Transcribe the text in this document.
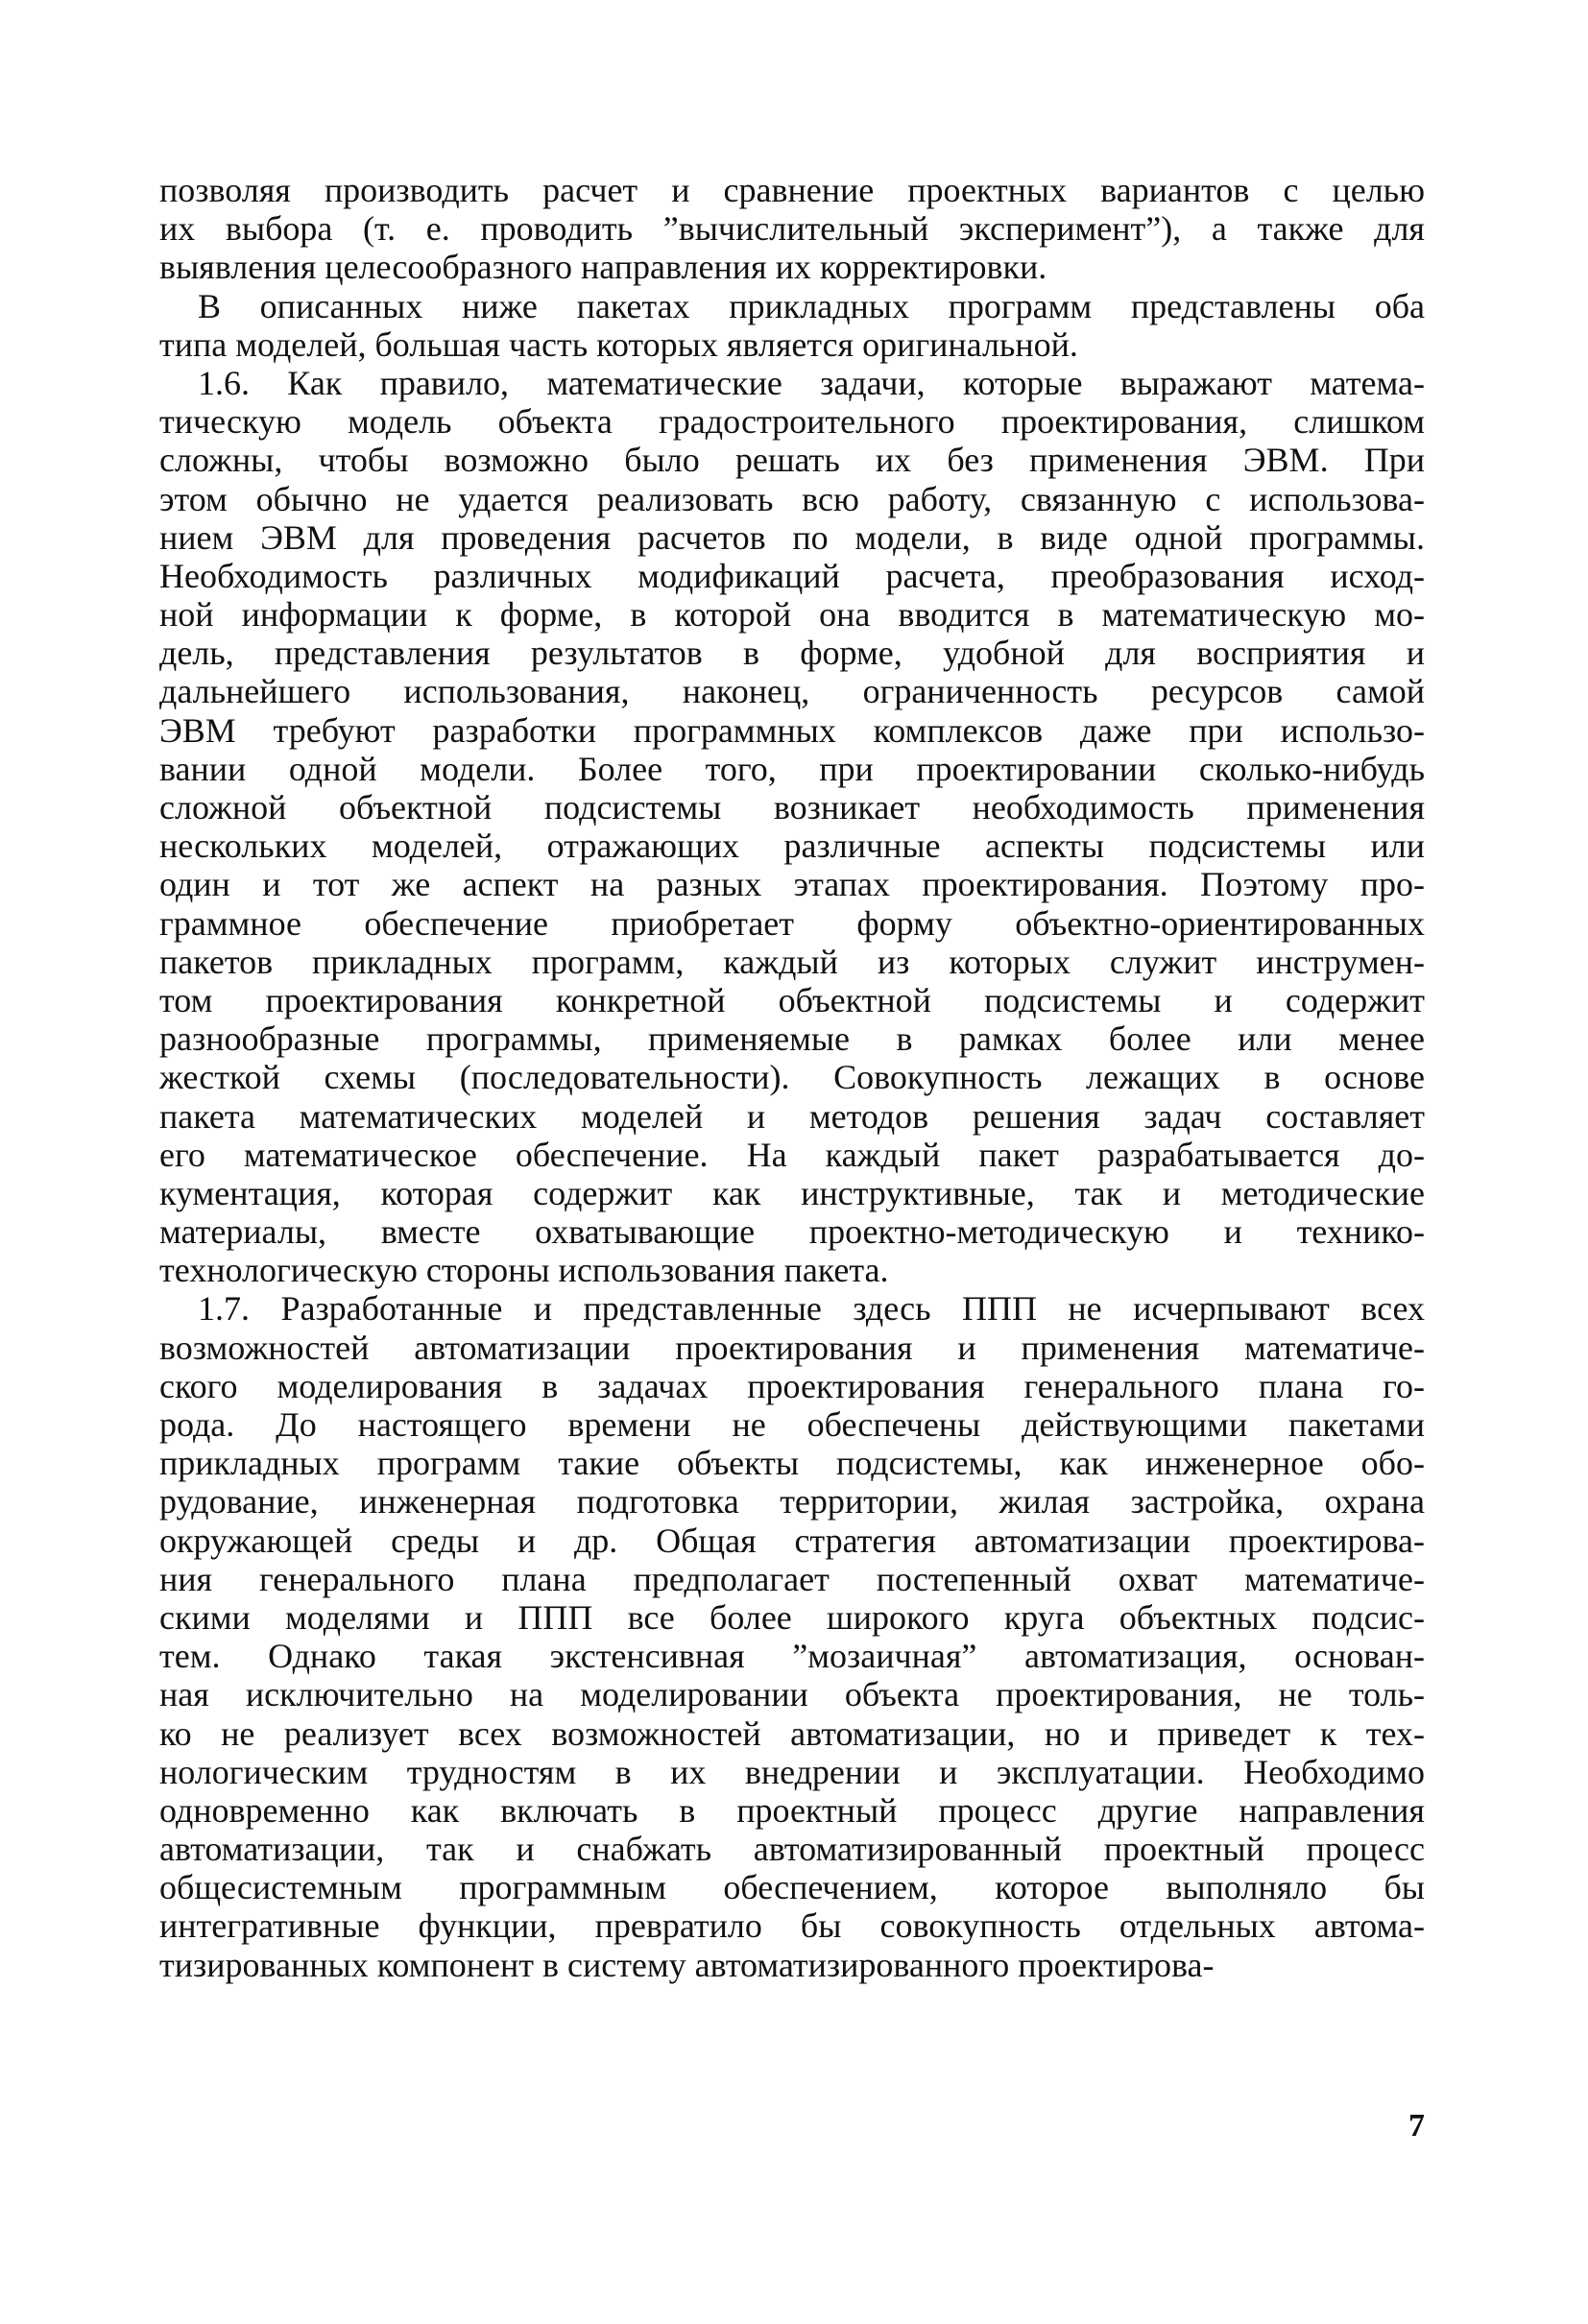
позволяя производить расчет и сравнение проектных вариантов с целью
их выбора (т. е. проводить ”вычислительный эксперимент”), а также для
выявления целесообразного направления их корректировки.
В описанных ниже пакетах прикладных программ представлены оба
типа моделей, большая часть которых является оригинальной.
1.6. Как правило, математические задачи, которые выражают матема-
тическую модель объекта градостроительного проектирования, слишком
сложны, чтобы возможно было решать их без применения ЭВМ. При
этом обычно не удается реализовать всю работу, связанную с использова-
нием ЭВМ для проведения расчетов по модели, в виде одной программы.
Необходимость различных модификаций расчета, преобразования исход-
ной информации к форме, в которой она вводится в математическую мо-
дель, представления результатов в форме, удобной для восприятия и
дальнейшего использования, наконец, ограниченность ресурсов самой
ЭВМ требуют разработки программных комплексов даже при использо-
вании одной модели. Более того, при проектировании сколько-нибудь
сложной объектной подсистемы возникает необходимость применения
нескольких моделей, отражающих различные аспекты подсистемы или
один и тот же аспект на разных этапах проектирования. Поэтому про-
граммное обеспечение приобретает форму объектно-ориентированных
пакетов прикладных программ, каждый из которых служит инструмен-
том проектирования конкретной объектной подсистемы и содержит
разнообразные программы, применяемые в рамках более или менее
жесткой схемы (последовательности). Совокупность лежащих в основе
пакета математических моделей и методов решения задач составляет
его математическое обеспечение. На каждый пакет разрабатывается до-
кументация, которая содержит как инструктивные, так и методические
материалы, вместе охватывающие проектно-методическую и технико-
технологическую стороны использования пакета.
1.7. Разработанные и представленные здесь ППП не исчерпывают всех
возможностей автоматизации проектирования и применения математиче-
ского моделирования в задачах проектирования генерального плана го-
рода. До настоящего времени не обеспечены действующими пакетами
прикладных программ такие объекты подсистемы, как инженерное обо-
рудование, инженерная подготовка территории, жилая застройка, охрана
окружающей среды и др. Общая стратегия автоматизации проектирова-
ния генерального плана предполагает постепенный охват математиче-
скими моделями и ППП все более широкого круга объектных подсис-
тем. Однако такая экстенсивная ”мозаичная” автоматизация, основан-
ная исключительно на моделировании объекта проектирования, не толь-
ко не реализует всех возможностей автоматизации, но и приведет к тех-
нологическим трудностям в их внедрении и эксплуатации. Необходимо
одновременно как включать в проектный процесс другие направления
автоматизации, так и снабжать автоматизированный проектный процесс
общесистемным программным обеспечением, которое выполняло бы
интегративные функции, превратило бы совокупность отдельных автома-
тизированных компонент в систему автоматизированного проектирова-
7
